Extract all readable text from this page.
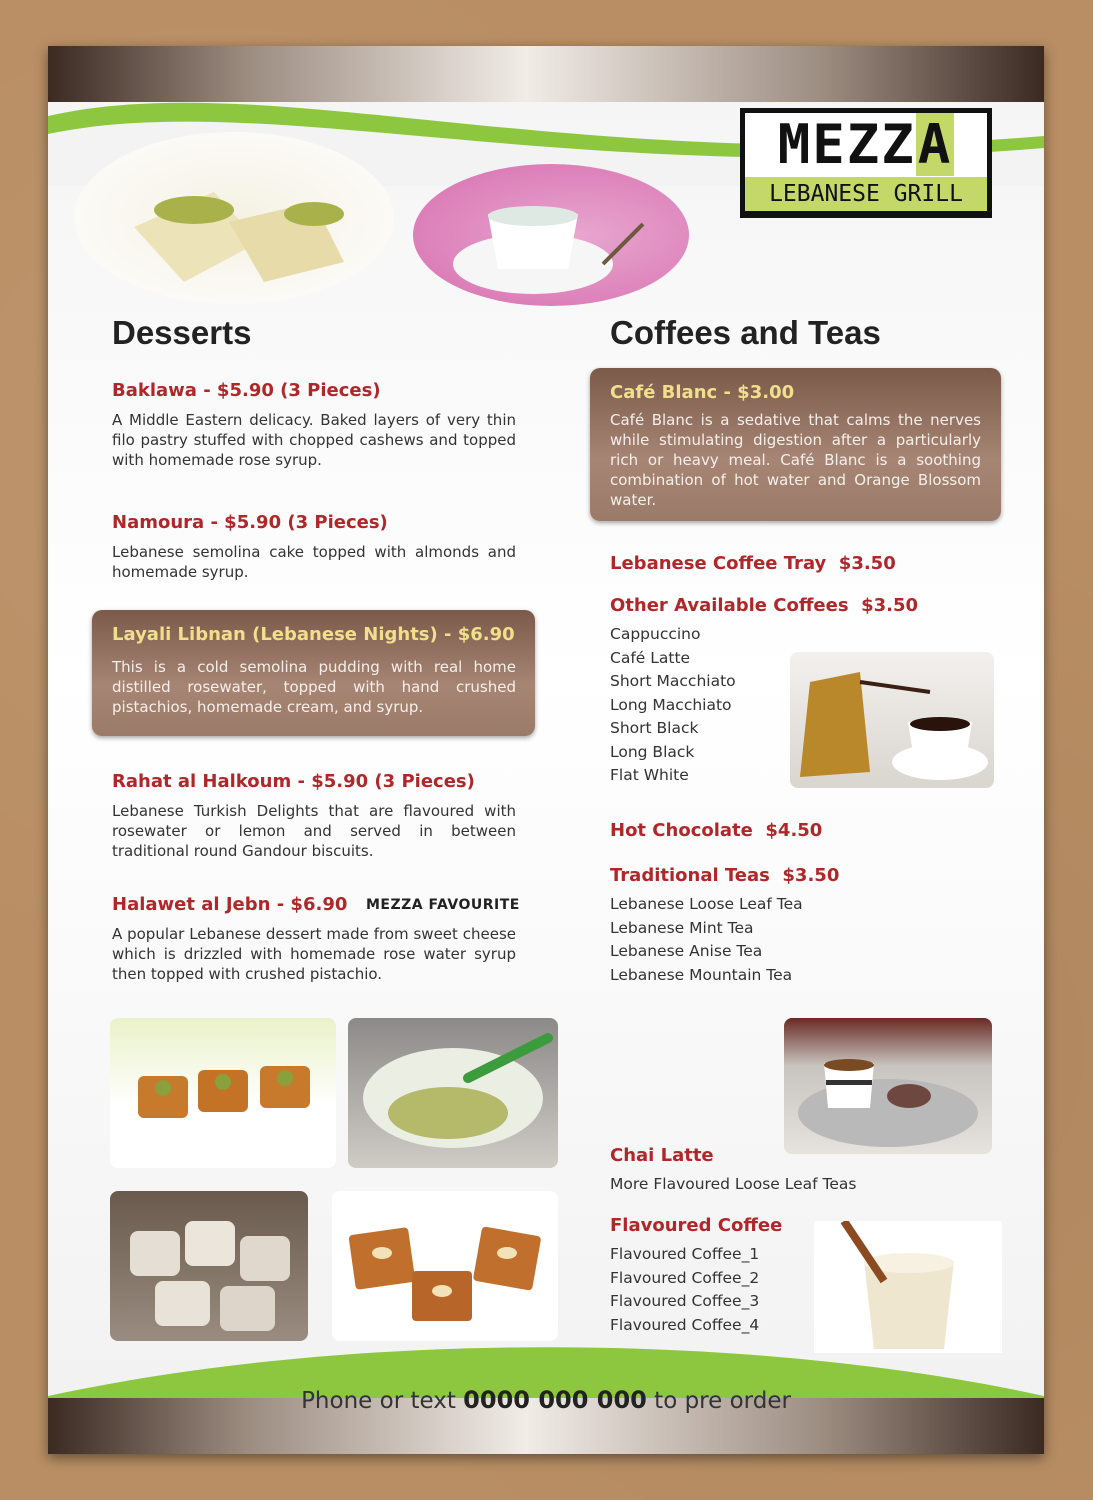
MEZZA
LEBANESE GRILL
Desserts
Baklawa - $5.90 (3 Pieces)

A Middle Eastern delicacy. Baked layers of very thin filo pastry stuffed with chopped cashews and topped with homemade rose syrup.

Namoura - $5.90 (3 Pieces)

Lebanese semolina cake topped with almonds and homemade syrup.

Layali Libnan (Lebanese Nights) - $6.90
This is a cold semolina pudding with real home distilled rosewater, topped with hand crushed pistachios, homemade cream, and syrup.
Rahat al Halkoum - $5.90 (3 Pieces)

Lebanese Turkish Delights that are flavoured with rosewater or lemon and served in between traditional round Gandour biscuits.

Halawet al Jebn - $6.90 MEZZA FAVOURITE

A popular Lebanese dessert made from sweet cheese which is drizzled with homemade rose water syrup then topped with crushed pistachio.

Coffees and Teas
Café Blanc - $3.00
Café Blanc is a sedative that calms the nerves while stimulating digestion after a particularly rich or heavy meal. Café Blanc is a soothing combination of hot water and Orange Blossom water.
Lebanese Coffee Tray  $3.50
Other Available Coffees  $3.50
Cappuccino
Café Latte
Short Macchiato
Long Macchiato
Short Black
Long Black
Flat White
Hot Chocolate  $4.50
Traditional Teas  $3.50
Lebanese Loose Leaf Tea
Lebanese Mint Tea
Lebanese Anise Tea
Lebanese Mountain Tea
Chai Latte

More Flavoured Loose Leaf Teas

Flavoured Coffee
Flavoured Coffee_1
Flavoured Coffee_2
Flavoured Coffee_3
Flavoured Coffee_4
Phone or text 0000 000 000 to pre order
